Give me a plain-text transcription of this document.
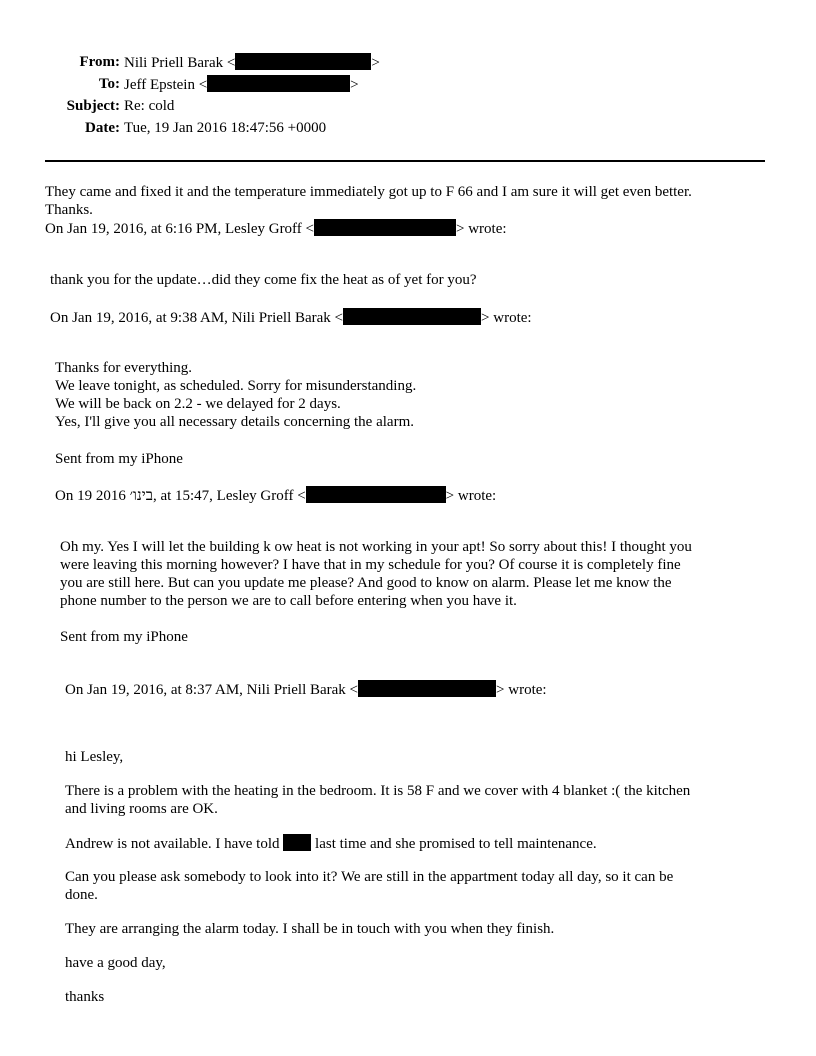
From: Nili Priell Barak <	>
To: Jeff Epstein <	>
Subject: Re: cold
Date: Tue, 19 Jan 2016 18:47:56 +0000

They came and fixed it and the temperature immediately got up to F 66 and I am sure it will get even better.

Thanks.

On Jan 19, 2016, at 6:16 PM, Lesley Groff <	> wrote:

thank you for the update…did they come fix the heat as of yet for you?

On Jan 19, 2016, at 9:38 AM, Nili Priell Barak <	> wrote:

Thanks for everything.

We leave tonight, as scheduled. Sorry for misunderstanding.

We will be back on 2.2 - we delayed for 2 days.

Yes, I'll give you all necessary details concerning the alarm.

Sent from my iPhone

On 19 2016 ‏בינו׳‎, at 15:47, Lesley Groff <	> wrote:

Oh my. Yes I will let the building k ow heat is not working in your apt! So sorry about this! I thought you

were leaving this morning however? I have that in my schedule for you? Of course it is completely fine

you are still here. But can you update me please? And good to know on alarm. Please let me know the

phone number to the person we are to call before entering when you have it.

Sent from my iPhone

On Jan 19, 2016, at 8:37 AM, Nili Priell Barak <	> wrote:

hi Lesley,

There is a problem with the heating in the bedroom. It is 58 F and we cover with 4 blanket :( the kitchen

and living rooms are OK.

Andrew is not available. I have told last time and she promised to tell maintenance.

Can you please ask somebody to look into it? We are still in the appartment today all day, so it can be

done.

They are arranging the alarm today. I shall be in touch with you when they finish.

have a good day,

thanks
